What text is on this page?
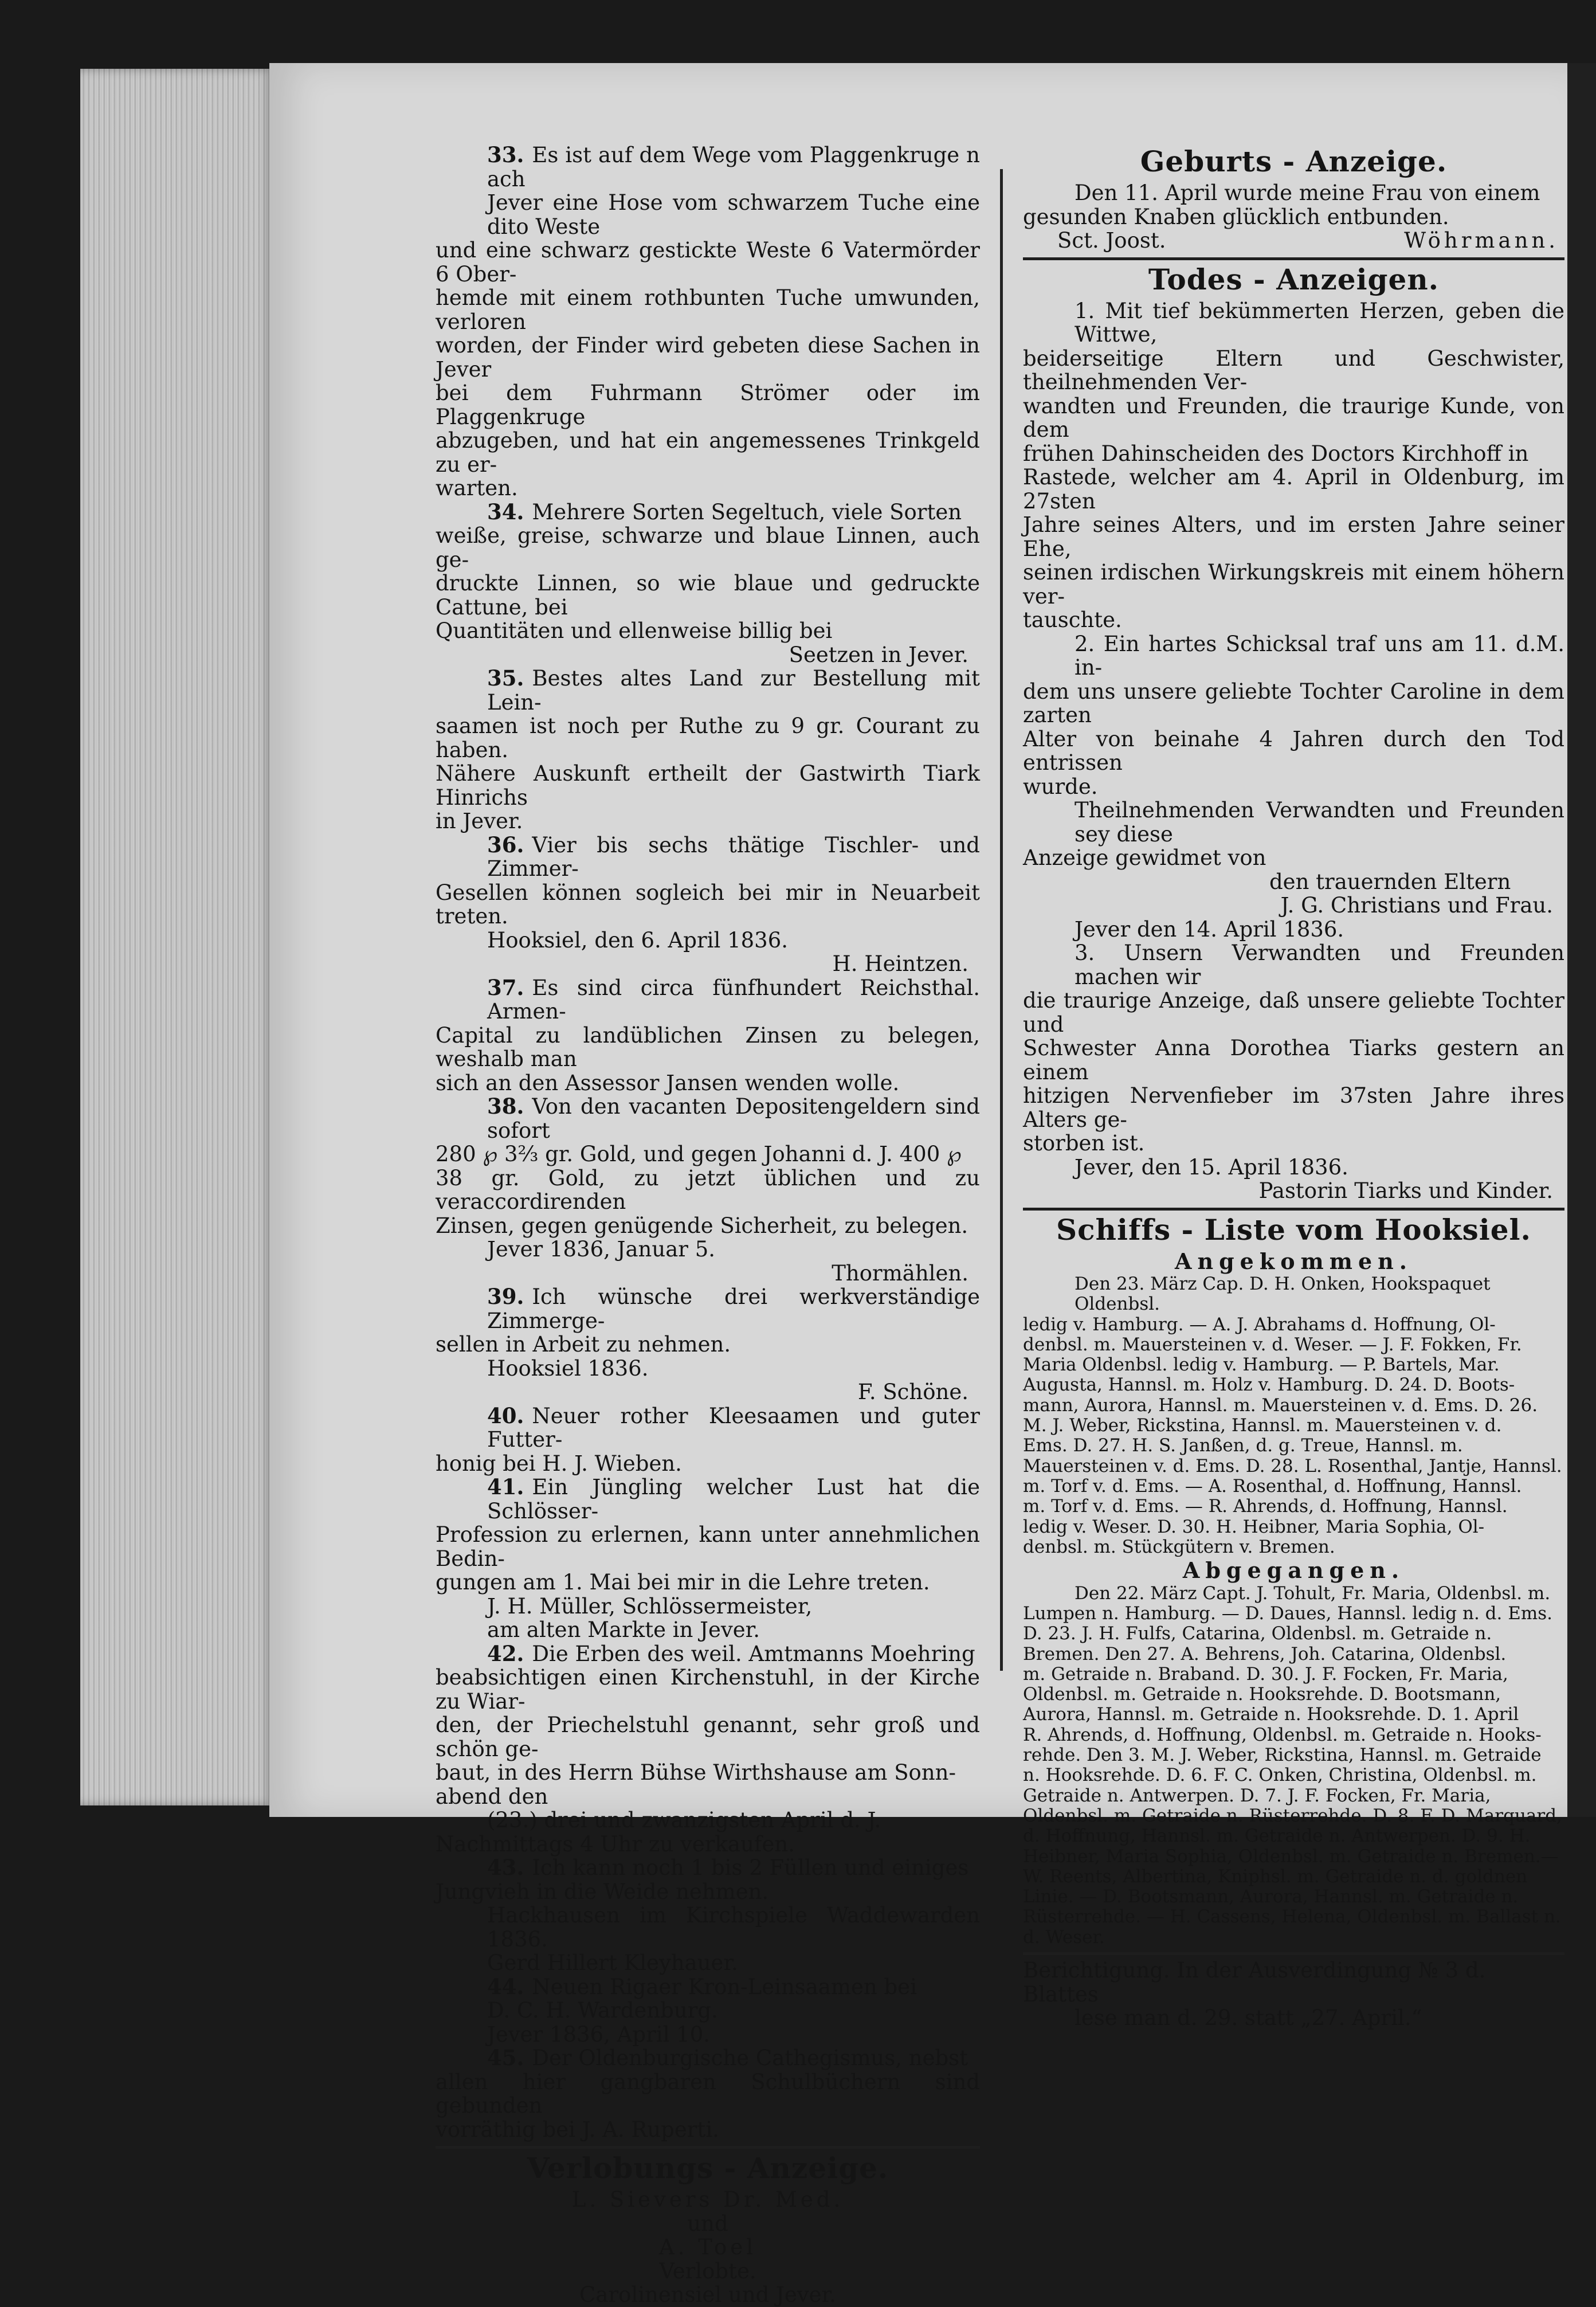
33. Es ist auf dem Wege vom Plaggenkruge n ach
Jever eine Hose vom schwarzem Tuche eine dito Weste
und eine schwarz gestickte Weste 6 Vatermörder 6 Ober-
hemde mit einem rothbunten Tuche umwunden, verloren
worden, der Finder wird gebeten diese Sachen in Jever
bei dem Fuhrmann Strömer oder im Plaggenkruge
abzugeben, und hat ein angemessenes Trinkgeld zu er-
warten.
34. Mehrere Sorten Segeltuch, viele Sorten
weiße, greise, schwarze und blaue Linnen, auch ge-
druckte Linnen, so wie blaue und gedruckte Cattune, bei
Quantitäten und ellenweise billig bei
Seetzen in Jever.
35. Bestes altes Land zur Bestellung mit Lein-
saamen ist noch per Ruthe zu 9 gr. Courant zu haben.
Nähere Auskunft ertheilt der Gastwirth Tiark Hinrichs
in Jever.
36. Vier bis sechs thätige Tischler- und Zimmer-
Gesellen können sogleich bei mir in Neuarbeit treten.
Hooksiel, den 6. April 1836.
H. Heintzen.
37. Es sind circa fünfhundert Reichsthal. Armen-
Capital zu landüblichen Zinsen zu belegen, weshalb man
sich an den Assessor Jansen wenden wolle.
38. Von den vacanten Depositengeldern sind sofort
280 ℘ 3⅔ gr. Gold, und gegen Johanni d. J. 400 ℘
38 gr. Gold, zu jetzt üblichen und zu veraccordirenden
Zinsen, gegen genügende Sicherheit, zu belegen.
Jever 1836, Januar 5.
Thormählen.
39. Ich wünsche drei werkverständige Zimmerge-
sellen in Arbeit zu nehmen.
Hooksiel 1836.
F. Schöne.
40. Neuer rother Kleesaamen und guter Futter-
honig bei H. J. Wieben.
41. Ein Jüngling welcher Lust hat die Schlösser-
Profession zu erlernen, kann unter annehmlichen Bedin-
gungen am 1. Mai bei mir in die Lehre treten.
J. H. Müller, Schlössermeister,
am alten Markte in Jever.
42. Die Erben des weil. Amtmanns Moehring
beabsichtigen einen Kirchenstuhl, in der Kirche zu Wiar-
den, der Priechelstuhl genannt, sehr groß und schön ge-
baut, in des Herrn Bühse Wirthshause am Sonn-
abend den
(23.) drei und zwanzigsten April d. J.
Nachmittags 4 Uhr zu verkaufen.
43. Ich kann noch 1 bis 2 Füllen und einiges
Jungvieh in die Weide nehmen.
Hackhausen im Kirchspiele Waddewarden 1836.
Gerd Hillert Kleyhauer.
44. Neuen Rigaer Kron-Leinsaamen bei
D. C. H. Wardenburg.
Jever 1836, April 10.
45. Der Oldenburgische Cathegismus, nebst
allen hier gangbaren Schulbüchern sind gebunden
vorräthig bei J. A. Ruperti.
Verlobungs - Anzeige.
L. Sievers Dr. Med.
und
A. Toel
Verlobte.
Carolinensiel und Jever.
Geburts - Anzeige.
Den 11. April wurde meine Frau von einem
gesunden Knaben glücklich entbunden.
Sct. Joost.	Wöhrmann.
Todes - Anzeigen.
1. Mit tief bekümmerten Herzen, geben die Wittwe,
beiderseitige Eltern und Geschwister, theilnehmenden Ver-
wandten und Freunden, die traurige Kunde, von dem
frühen Dahinscheiden des Doctors Kirchhoff in
Rastede, welcher am 4. April in Oldenburg, im 27sten
Jahre seines Alters, und im ersten Jahre seiner Ehe,
seinen irdischen Wirkungskreis mit einem höhern ver-
tauschte.
2. Ein hartes Schicksal traf uns am 11. d.M. in-
dem uns unsere geliebte Tochter Caroline in dem zarten
Alter von beinahe 4 Jahren durch den Tod entrissen
wurde.
Theilnehmenden Verwandten und Freunden sey diese
Anzeige gewidmet von
den trauernden Eltern
J. G. Christians und Frau.
Jever den 14. April 1836.
3. Unsern Verwandten und Freunden machen wir
die traurige Anzeige, daß unsere geliebte Tochter und
Schwester Anna Dorothea Tiarks gestern an einem
hitzigen Nervenfieber im 37sten Jahre ihres Alters ge-
storben ist.
Jever, den 15. April 1836.
Pastorin Tiarks und Kinder.
Schiffs - Liste vom Hooksiel.
Angekommen.
Den 23. März Cap. D. H. Onken, Hookspaquet Oldenbsl.
ledig v. Hamburg. — A. J. Abrahams d. Hoffnung, Ol-
denbsl. m. Mauersteinen v. d. Weser. — J. F. Fokken, Fr.
Maria Oldenbsl. ledig v. Hamburg. — P. Bartels, Mar.
Augusta, Hannsl. m. Holz v. Hamburg. D. 24. D. Boots-
mann, Aurora, Hannsl. m. Mauersteinen v. d. Ems. D. 26.
M. J. Weber, Rickstina, Hannsl. m. Mauersteinen v. d.
Ems. D. 27. H. S. Janßen, d. g. Treue, Hannsl. m.
Mauersteinen v. d. Ems. D. 28. L. Rosenthal, Jantje, Hannsl.
m. Torf v. d. Ems. — A. Rosenthal, d. Hoffnung, Hannsl.
m. Torf v. d. Ems. — R. Ahrends, d. Hoffnung, Hannsl.
ledig v. Weser. D. 30. H. Heibner, Maria Sophia, Ol-
denbsl. m. Stückgütern v. Bremen.
Abgegangen.
Den 22. März Capt. J. Tohult, Fr. Maria, Oldenbsl. m.
Lumpen n. Hamburg. — D. Daues, Hannsl. ledig n. d. Ems.
D. 23. J. H. Fulfs, Catarina, Oldenbsl. m. Getraide n.
Bremen. Den 27. A. Behrens, Joh. Catarina, Oldenbsl.
m. Getraide n. Braband. D. 30. J. F. Focken, Fr. Maria,
Oldenbsl. m. Getraide n. Hooksrehde. D. Bootsmann,
Aurora, Hannsl. m. Getraide n. Hooksrehde. D. 1. April
R. Ahrends, d. Hoffnung, Oldenbsl. m. Getraide n. Hooks-
rehde. Den 3. M. J. Weber, Rickstina, Hannsl. m. Getraide
n. Hooksrehde. D. 6. F. C. Onken, Christina, Oldenbsl. m.
Getraide n. Antwerpen. D. 7. J. F. Focken, Fr. Maria,
Oldenbsl. m. Getraide n. Rüsterrehde. D. 8. F. D. Marquard,
d. Hoffnung, Hannsl. m. Getraide n. Antwerpen. D. 9. H.
Heibner, Maria Sophia, Oldenbsl. m. Getraide n. Bremen.—
W. Reents, Albertina, Kniphsl. m. Getraide n. d. goldnen
Linie. — D. Bootsmann, Aurora, Hannsl. m. Getraide n.
Rüsterrehde. — H. Cassens, Helena, Oldenbsl. m. Ballast n.
d. Weser.
Berichtigung. In der Ausverdingung № 3 d. Blattes
lese man d. 29. statt „27. April.“
